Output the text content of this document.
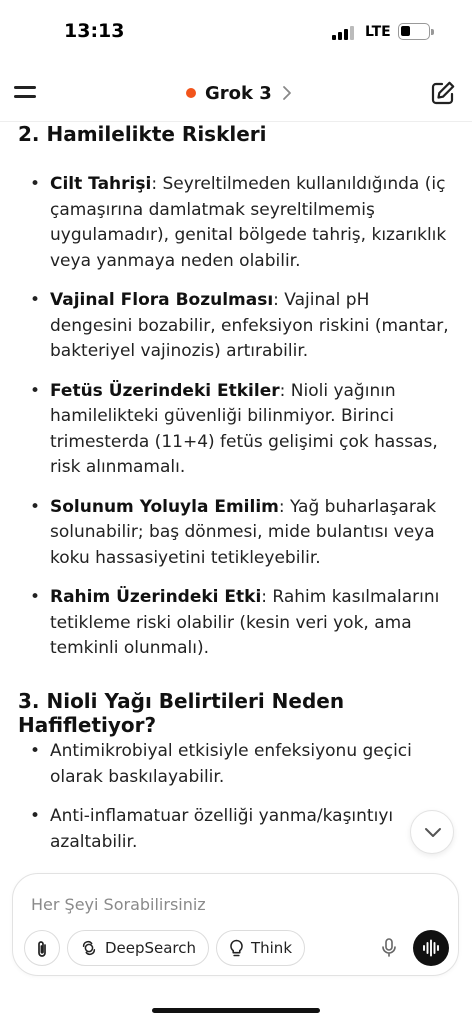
13:13	LTE
Grok 3
2. Hamilelikte Riskleri
• Cilt Tahrişi: Seyreltilmeden kullanıldığında (iç çamaşırına damlatmak seyreltilmemiş uygulamadır), genital bölgede tahriş, kızarıklık veya yanmaya neden olabilir.
• Vajinal Flora Bozulması: Vajinal pH dengesini bozabilir, enfeksiyon riskini (mantar, bakteriyel vajinozis) artırabilir.
• Fetüs Üzerindeki Etkiler: Nioli yağının hamilelikteki güvenliği bilinmiyor. Birinci trimesterda (11+4) fetüs gelişimi çok hassas, risk alınmamalı.
• Solunum Yoluyla Emilim: Yağ buharlaşarak solunabilir; baş dönmesi, mide bulantısı veya koku hassasiyetini tetikleyebilir.
• Rahim Üzerindeki Etki: Rahim kasılmalarını tetikleme riski olabilir (kesin veri yok, ama temkinli olunmalı).
3. Nioli Yağı Belirtileri Neden Hafifletiyor?
• Antimikrobiyal etkisiyle enfeksiyonu geçici olarak baskılayabilir.
• Anti-inflamatuar özelliği yanma/kaşıntıyı azaltabilir.
Her Şeyi Sorabilirsiniz
DeepSearch	Think
